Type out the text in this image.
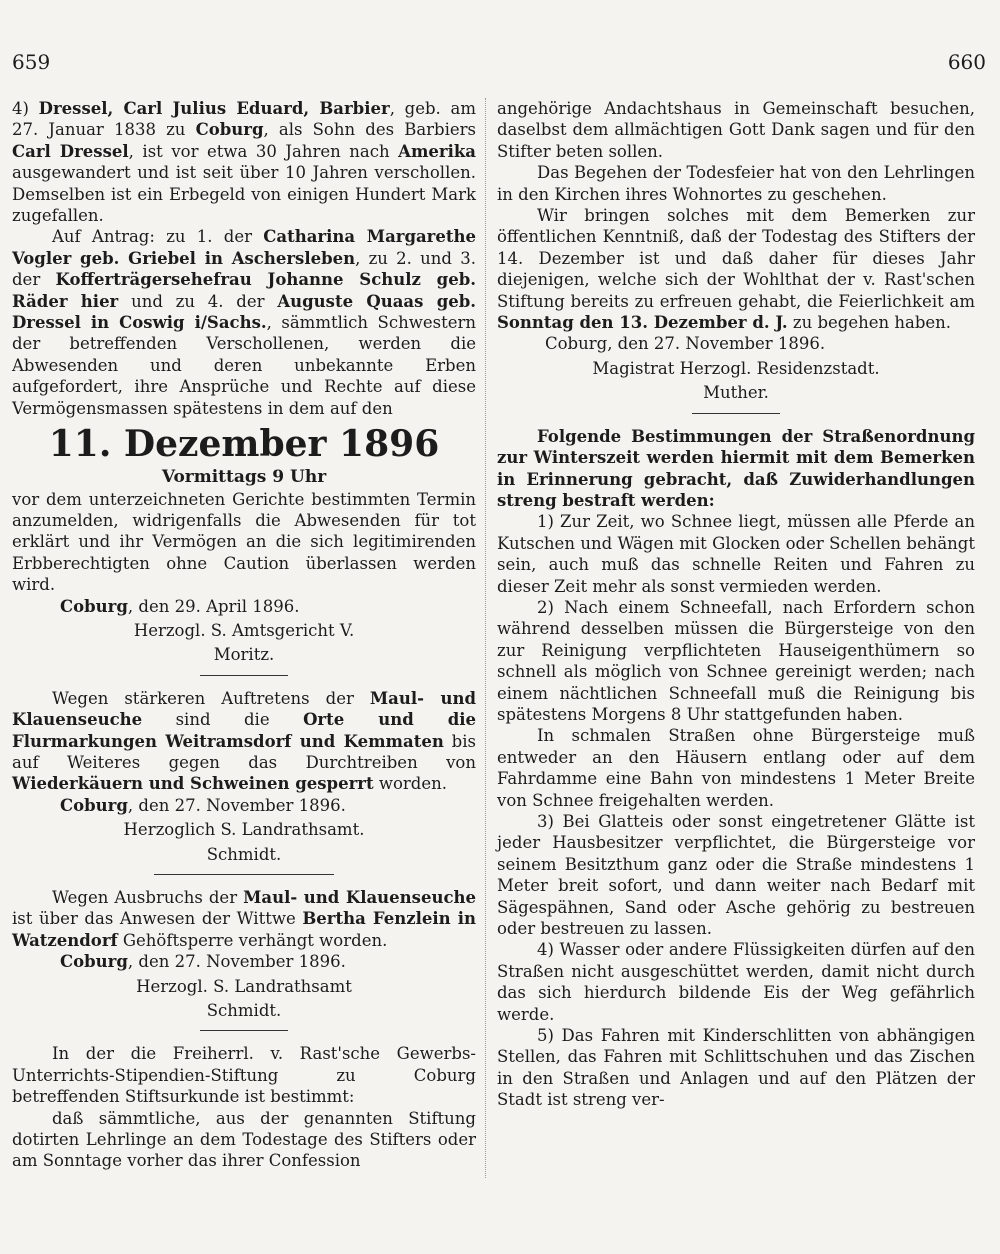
659	660

4) Dressel, Carl Julius Eduard, Barbier, geb. am 27. Januar 1838 zu Coburg, als Sohn des Barbiers Carl Dressel, ist vor etwa 30 Jahren nach Amerika ausgewandert und ist seit über 10 Jahren verschollen. Demselben ist ein Erbegeld von einigen Hundert Mark zugefallen.

Auf Antrag: zu 1. der Catharina Margarethe Vogler geb. Griebel in Aschersleben, zu 2. und 3. der Kofferträgersehefrau Johanne Schulz geb. Räder hier und zu 4. der Auguste Quaas geb. Dressel in Coswig i/Sachs., sämmtlich Schwestern der betreffenden Verschollenen, werden die Abwesenden und deren unbekannte Erben aufgefordert, ihre Ansprüche und Rechte auf diese Vermögensmassen spätestens in dem auf den

11. Dezember 1896

Vormittags 9 Uhr

vor dem unterzeichneten Gerichte bestimmten Termin anzumelden, widrigenfalls die Abwesenden für tot erklärt und ihr Vermögen an die sich legitimirenden Erbberechtigten ohne Caution überlassen werden wird.

Coburg, den 29. April 1896.

Herzogl. S. Amtsgericht V.

Moritz.

Wegen stärkeren Auftretens der Maul- und Klauenseuche sind die Orte und die Flurmarkungen Weitramsdorf und Kemmaten bis auf Weiteres gegen das Durchtreiben von Wiederkäuern und Schweinen gesperrt worden.

Coburg, den 27. November 1896.

Herzoglich S. Landrathsamt.

Schmidt.

Wegen Ausbruchs der Maul- und Klauenseuche ist über das Anwesen der Wittwe Bertha Fenzlein in Watzendorf Gehöftsperre verhängt worden.

Coburg, den 27. November 1896.

Herzogl. S. Landrathsamt

Schmidt.

In der die Freiherrl. v. Rast'sche Gewerbs-Unterrichts-Stipendien-Stiftung zu Coburg betreffenden Stiftsurkunde ist bestimmt:

daß sämmtliche, aus der genannten Stiftung dotirten Lehrlinge an dem Todestage des Stifters oder am Sonntage vorher das ihrer Confession

angehörige Andachtshaus in Gemeinschaft besuchen, daselbst dem allmächtigen Gott Dank sagen und für den Stifter beten sollen.

Das Begehen der Todesfeier hat von den Lehrlingen in den Kirchen ihres Wohnortes zu geschehen.

Wir bringen solches mit dem Bemerken zur öffentlichen Kenntniß, daß der Todestag des Stifters der 14. Dezember ist und daß daher für dieses Jahr diejenigen, welche sich der Wohlthat der v. Rast'schen Stiftung bereits zu erfreuen gehabt, die Feierlichkeit am Sonntag den 13. Dezember d. J. zu begehen haben.

Coburg, den 27. November 1896.

Magistrat Herzogl. Residenzstadt.

Muther.

Folgende Bestimmungen der Straßenordnung zur Winterszeit werden hiermit mit dem Bemerken in Erinnerung gebracht, daß Zuwiderhandlungen streng bestraft werden:

1) Zur Zeit, wo Schnee liegt, müssen alle Pferde an Kutschen und Wägen mit Glocken oder Schellen behängt sein, auch muß das schnelle Reiten und Fahren zu dieser Zeit mehr als sonst vermieden werden.

2) Nach einem Schneefall, nach Erfordern schon während desselben müssen die Bürgersteige von den zur Reinigung verpflichteten Hauseigenthümern so schnell als möglich von Schnee gereinigt werden; nach einem nächtlichen Schneefall muß die Reinigung bis spätestens Morgens 8 Uhr stattgefunden haben.

In schmalen Straßen ohne Bürgersteige muß entweder an den Häusern entlang oder auf dem Fahrdamme eine Bahn von mindestens 1 Meter Breite von Schnee freigehalten werden.

3) Bei Glatteis oder sonst eingetretener Glätte ist jeder Hausbesitzer verpflichtet, die Bürgersteige vor seinem Besitzthum ganz oder die Straße mindestens 1 Meter breit sofort, und dann weiter nach Bedarf mit Sägespähnen, Sand oder Asche gehörig zu bestreuen oder bestreuen zu lassen.

4) Wasser oder andere Flüssigkeiten dürfen auf den Straßen nicht ausgeschüttet werden, damit nicht durch das sich hierdurch bildende Eis der Weg gefährlich werde.

5) Das Fahren mit Kinderschlitten von abhängigen Stellen, das Fahren mit Schlittschuhen und das Zischen in den Straßen und Anlagen und auf den Plätzen der Stadt ist streng ver-
